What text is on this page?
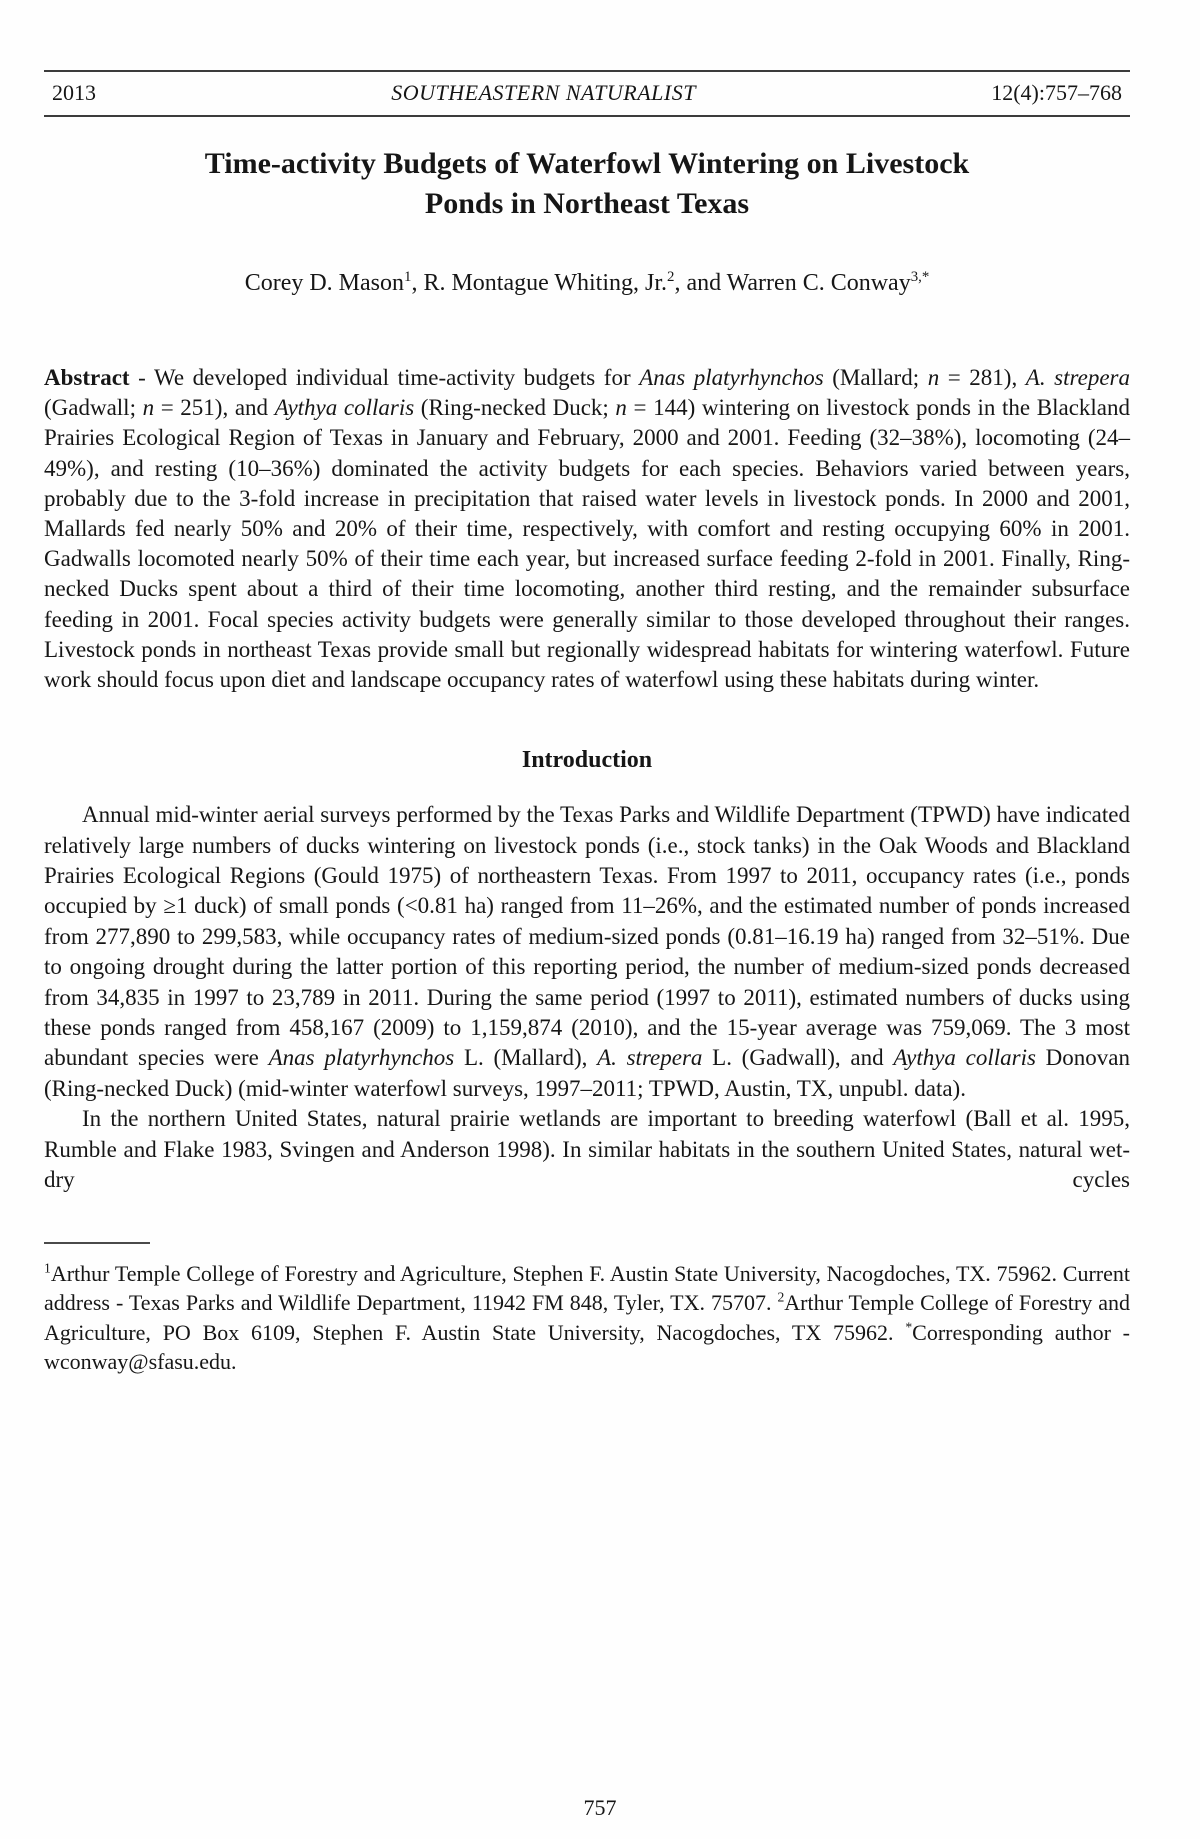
2013	SOUTHEASTERN NATURALIST	12(4):757–768
Time-activity Budgets of Waterfowl Wintering on Livestock
Ponds in Northeast Texas

Corey D. Mason$^1$, R. Montague Whiting, Jr.$^2$, and Warren C. Conway$^{3,*}$

Abstract - We developed individual time-activity budgets for Anas platyrhynchos (Mallard; n = 281), A. strepera (Gadwall; n = 251), and Aythya collaris (Ring-necked Duck; n = 144) wintering on livestock ponds in the Blackland Prairies Ecological Region of Texas in January and February, 2000 and 2001. Feeding (32–38%), locomoting (24–49%), and resting (10–36%) dominated the activity budgets for each species. Behaviors varied between years, probably due to the 3-fold increase in precipitation that raised water levels in livestock ponds. In 2000 and 2001, Mallards fed nearly 50% and 20% of their time, respectively, with comfort and resting occupying 60% in 2001. Gadwalls locomoted nearly 50% of their time each year, but increased surface feeding 2-fold in 2001. Finally, Ring-necked Ducks spent about a third of their time locomoting, another third resting, and the remainder subsurface feeding in 2001. Focal species activity budgets were generally similar to those developed throughout their ranges. Livestock ponds in northeast Texas provide small but regionally widespread habitats for wintering waterfowl. Future work should focus upon diet and landscape occupancy rates of waterfowl using these habitats during winter.

Introduction

Annual mid-winter aerial surveys performed by the Texas Parks and Wildlife Department (TPWD) have indicated relatively large numbers of ducks wintering on livestock ponds (i.e., stock tanks) in the Oak Woods and Blackland Prairies Ecological Regions (Gould 1975) of northeastern Texas. From 1997 to 2011, occupancy rates (i.e., ponds occupied by ≥1 duck) of small ponds (<0.81 ha) ranged from 11–26%, and the estimated number of ponds increased from 277,890 to 299,583, while occupancy rates of medium-sized ponds (0.81–16.19 ha) ranged from 32–51%. Due to ongoing drought during the latter portion of this reporting period, the number of medium-sized ponds decreased from 34,835 in 1997 to 23,789 in 2011. During the same period (1997 to 2011), estimated numbers of ducks using these ponds ranged from 458,167 (2009) to 1,159,874 (2010), and the 15-year average was 759,069. The 3 most abundant species were Anas platyrhynchos L. (Mallard), A. strepera L. (Gadwall), and Aythya collaris Donovan (Ring-necked Duck) (mid-winter waterfowl surveys, 1997–2011; TPWD, Austin, TX, unpubl. data).

In the northern United States, natural prairie wetlands are important to breeding waterfowl (Ball et al. 1995, Rumble and Flake 1983, Svingen and Anderson 1998). In similar habitats in the southern United States, natural wet-dry cycles

$^1$Arthur Temple College of Forestry and Agriculture, Stephen F. Austin State University, Nacogdoches, TX. 75962. Current address - Texas Parks and Wildlife Department, 11942 FM 848, Tyler, TX. 75707. $^2$Arthur Temple College of Forestry and Agriculture, PO Box 6109, Stephen F. Austin State University, Nacogdoches, TX 75962. *Corresponding author - wconway@sfasu.edu.

757
